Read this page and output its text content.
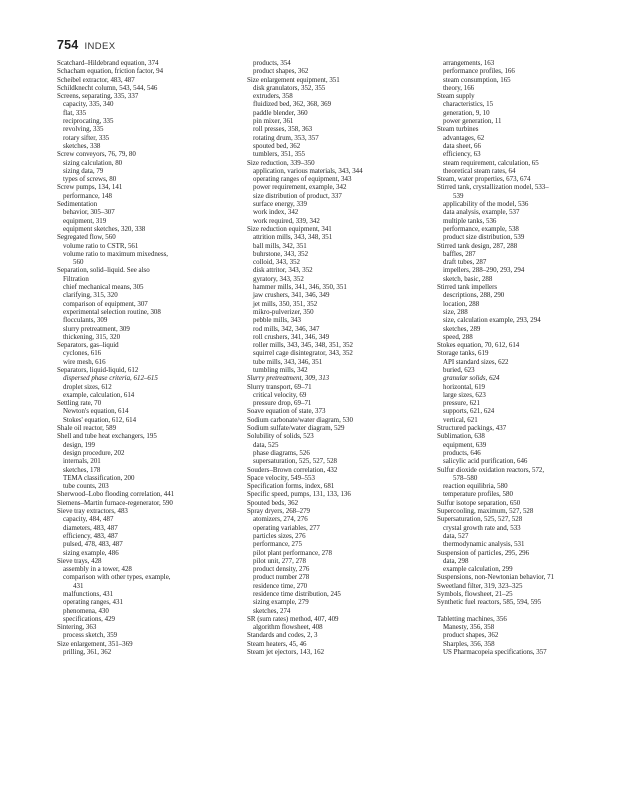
754 INDEX
Scatchard–Hildebrand equation, 374
Schacham equation, friction factor, 94
Scheibel extractor, 483, 487
Schildknecht column, 543, 544, 546
Screens, separating, 335, 337
capacity, 335, 340
flat, 335
reciprocating, 335
revolving, 335
rotary sifter, 335
sketches, 338
Screw conveyors, 76, 79, 80
sizing calculation, 80
sizing data, 79
types of screws, 80
Screw pumps, 134, 141
performance, 148
Sedimentation
behavior, 305–307
equipment, 319
equipment sketches, 320, 338
Segregated flow, 560
volume ratio to CSTR, 561
volume ratio to maximum mixedness,
560
Separation, solid–liquid. See also
Filtration
chief mechanical means, 305
clarifying, 315, 320
comparison of equipment, 307
experimental selection routine, 308
flocculants, 309
slurry pretreatment, 309
thickening, 315, 320
Separators, gas–liquid
cyclones, 616
wire mesh, 616
Separators, liquid-liquid, 612
dispersed phase criteria, 612–615
droplet sizes, 612
example, calculation, 614
Settling rate, 70
Newton's equation, 614
Stokes' equation, 612, 614
Shale oil reactor, 589
Shell and tube heat exchangers, 195
design, 199
design procedure, 202
internals, 201
sketches, 178
TEMA classification, 200
tube counts, 203
Sherwood–Lobo flooding correlation, 441
Siemens–Martin furnace-regenerator, 590
Sieve tray extractors, 483
capacity, 484, 487
diameters, 483, 487
efficiency, 483, 487
pulsed, 478, 483, 487
sizing example, 486
Sieve trays, 428
assembly in a tower, 428
comparison with other types, example,
431
malfunctions, 431
operating ranges, 431
phenomena, 430
specifications, 429
Sintering, 363
process sketch, 359
Size enlargement, 351–369
prilling, 361, 362
products, 354
product shapes, 362
Size enlargement equipment, 351
disk granulators, 352, 355
extruders, 358
fluidized bed, 362, 368, 369
paddle blender, 360
pin mixer, 361
roll presses, 358, 363
rotating drum, 353, 357
spouted bed, 362
tumblers, 351, 355
Size reduction, 339–350
application, various materials, 343, 344
operating ranges of equipment, 343
power requirement, example, 342
size distribution of product, 337
surface energy, 339
work index, 342
work required, 339, 342
Size reduction equipment, 341
attrition mills, 343, 348, 351
ball mills, 342, 351
buhrstone, 343, 352
colloid, 343, 352
disk attritor, 343, 352
gyratory, 343, 352
hammer mills, 341, 346, 350, 351
jaw crushers, 341, 346, 349
jet mills, 350, 351, 352
mikro-pulverizer, 350
pebble mills, 343
rod mills, 342, 346, 347
roll crushers, 341, 346, 349
roller mills, 343, 345, 348, 351, 352
squirrel cage disintegrator, 343, 352
tube mills, 343, 346, 351
tumbling mills, 342
Slurry pretreatment, 309, 313
Slurry transport, 69–71
critical velocity, 69
pressure drop, 69–71
Soave equation of state, 373
Sodium carbonate/water diagram, 530
Sodium sulfate/water diagram, 529
Solubility of solids, 523
data, 525
phase diagrams, 526
supersaturation, 525, 527, 528
Souders–Brown correlation, 432
Space velocity, 549–553
Specification forms, index, 681
Specific speed, pumps, 131, 133, 136
Spouted beds, 362
Spray dryers, 268–279
atomizers, 274, 276
operating variables, 277
particles sizes, 276
performance, 275
pilot plant performance, 278
pilot unit, 277, 278
product density, 276
product number 278
residence time, 270
residence time distribution, 245
sizing example, 279
sketches, 274
SR (sum rates) method, 407, 409
algorithm flowsheet, 408
Standards and codes, 2, 3
Steam heaters, 45, 46
Steam jet ejectors, 143, 162
arrangements, 163
performance profiles, 166
steam consumption, 165
theory, 166
Steam supply
characteristics, 15
generation, 9, 10
power generation, 11
Steam turbines
advantages, 62
data sheet, 66
efficiency, 63
steam requirement, calculation, 65
theoretical steam rates, 64
Steam, water properties, 673, 674
Stirred tank, crystallization model, 533–
539
applicability of the model, 536
data analysis, example, 537
multiple tanks, 536
performance, example, 538
product size distribution, 539
Stirred tank design, 287, 288
baffles, 287
draft tubes, 287
impellers, 288–290, 293, 294
sketch, basic, 288
Stirred tank impellers
descriptions, 288, 290
location, 288
size, 288
size, calculation example, 293, 294
sketches, 289
speed, 288
Stokes equation, 70, 612, 614
Storage tanks, 619
API standard sizes, 622
buried, 623
granular solids, 624
horizontal, 619
large sizes, 623
pressure, 621
supports, 621, 624
vertical, 621
Structured packings, 437
Sublimation, 638
equipment, 639
products, 646
salicylic acid purification, 646
Sulfur dioxide oxidation reactors, 572,
578–580
reaction equilibria, 580
temperature profiles, 580
Sulfur isotope separation, 650
Supercooling, maximum, 527, 528
Supersaturation, 525, 527, 528
crystal growth rate and, 533
data, 527
thermodynamic analysis, 531
Suspension of particles, 295, 296
data, 298
example calculation, 299
Suspensions, non-Newtonian behavior, 71
Sweetland filter, 319, 323–325
Symbols, flowsheet, 21–25
Synthetic fuel reactors, 585, 594, 595
Tabletting machines, 356
Manesty, 356, 358
product shapes, 362
Sharples, 356, 358
US Pharmacopeia specifications, 357
